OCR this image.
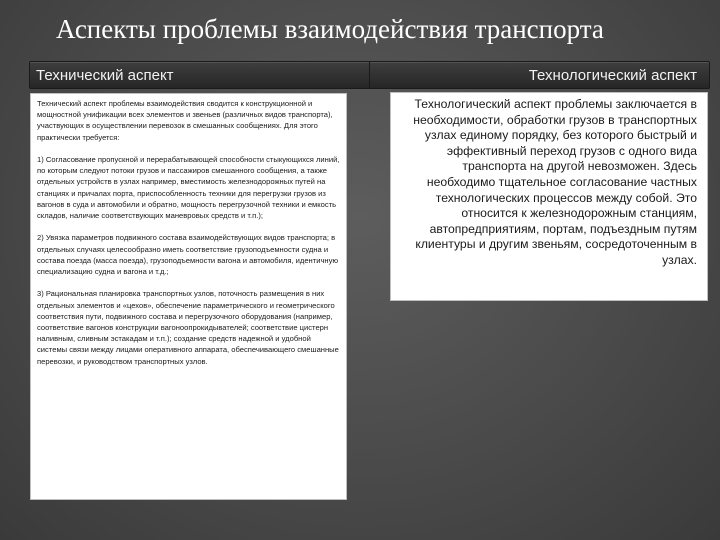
Аспекты проблемы взаимодействия транспорта
Технический аспект	Технологический аспект

Технический аспект проблемы взаимодействия сводится к конструкционной и мощностной унификации всех элементов и звеньев (различных видов транспорта), участвующих в осуществлении перевозок в смешанных сообщениях. Для этого практически требуется:

1) Согласование пропускной и перерабатывающей способности стыкующихся линий, по которым следуют потоки грузов и пассажиров смешанного сообщения, а также отдельных устройств в узлах например, вместимость железнодорожных путей на станциях и причалах порта, приспособленность техники для перегрузки грузов из вагонов в суда и автомобили и обратно, мощность перегрузочной техники и емкость складов, наличие соответствующих маневровых средств и т.п.);

2) Увязка параметров подвижного состава взаимодействующих видов транспорта; в отдельных случаях целесообразно иметь соответствие грузоподъемности судна и состава поезда (масса поезда), грузоподъемности вагона и автомобиля, идентичную специализацию судна и вагона и т.д.;

3) Рациональная планировка транспортных узлов, поточность размещения в них отдельных элементов и «цехов», обеспечение параметрического и геометрического соответствия пути, подвижного состава и перегрузочного оборудования (например, соответствие вагонов конструкции вагоноопрокидывателей; соответствие цистерн наливным, сливным эстакадам и т.п.); создание средств надежной и удобной системы связи между лицами оперативного аппарата, обеспечивающего смешанные перевозки, и руководством транспортных узлов.

Технологический аспект проблемы заключается в необходимости, обработки грузов в транспортных узлах единому порядку, без которого быстрый и эффективный переход грузов с одного вида транспорта на другой невозможен. Здесь необходимо тщательное согласование частных технологических процессов между собой. Это относится к железнодорожным станциям, автопредприятиям, портам, подъездным путям клиентуры и другим звеньям, сосредоточенным в узлах.
